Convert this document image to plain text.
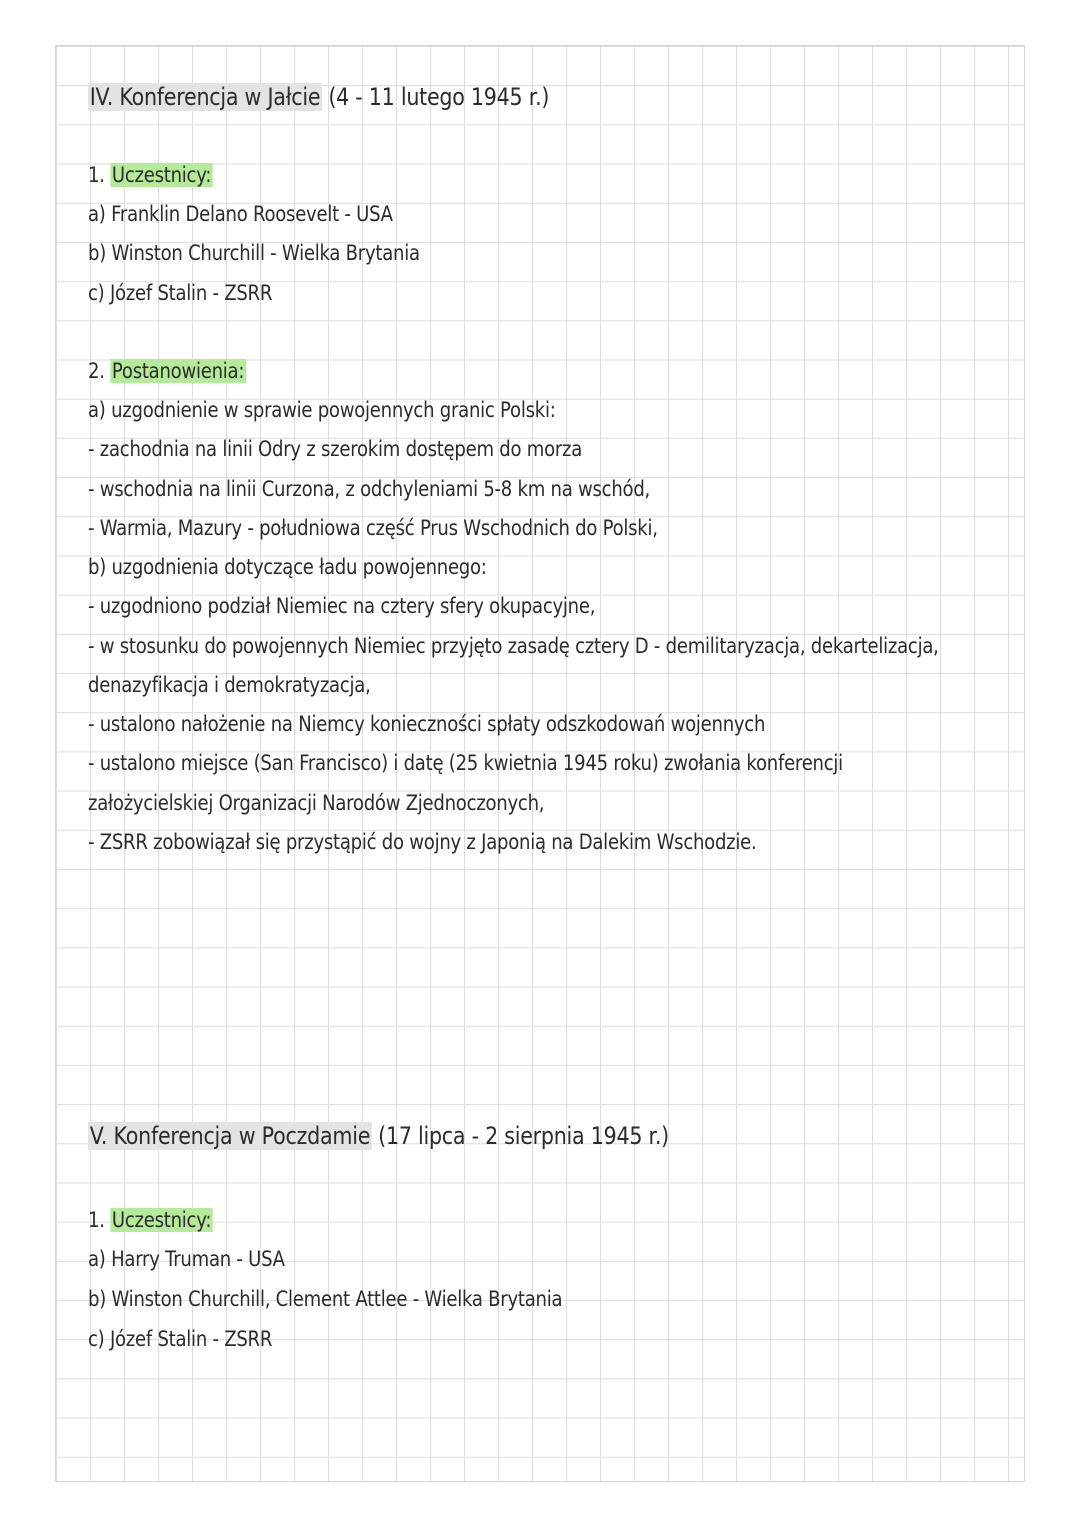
IV. Konferencja w Jałcie (4 - 11 lutego 1945 r.)
1. Uczestnicy:
a) Franklin Delano Roosevelt - USA
b) Winston Churchill - Wielka Brytania
c) Józef Stalin - ZSRR
2. Postanowienia:
a) uzgodnienie w sprawie powojennych granic Polski:
- zachodnia na linii Odry z szerokim dostępem do morza
- wschodnia na linii Curzona, z odchyleniami 5-8 km na wschód,
- Warmia, Mazury - południowa część Prus Wschodnich do Polski,
b) uzgodnienia dotyczące ładu powojennego:
- uzgodniono podział Niemiec na cztery sfery okupacyjne,
- w stosunku do powojennych Niemiec przyjęto zasadę cztery D - demilitaryzacja, dekartelizacja,
denazyfikacja i demokratyzacja,
- ustalono nałożenie na Niemcy konieczności spłaty odszkodowań wojennych
- ustalono miejsce (San Francisco) i datę (25 kwietnia 1945 roku) zwołania konferencji
założycielskiej Organizacji Narodów Zjednoczonych,
- ZSRR zobowiązał się przystąpić do wojny z Japonią na Dalekim Wschodzie.
V. Konferencja w Poczdamie (17 lipca - 2 sierpnia 1945 r.)
1. Uczestnicy:
a) Harry Truman - USA
b) Winston Churchill, Clement Attlee - Wielka Brytania
c) Józef Stalin - ZSRR
